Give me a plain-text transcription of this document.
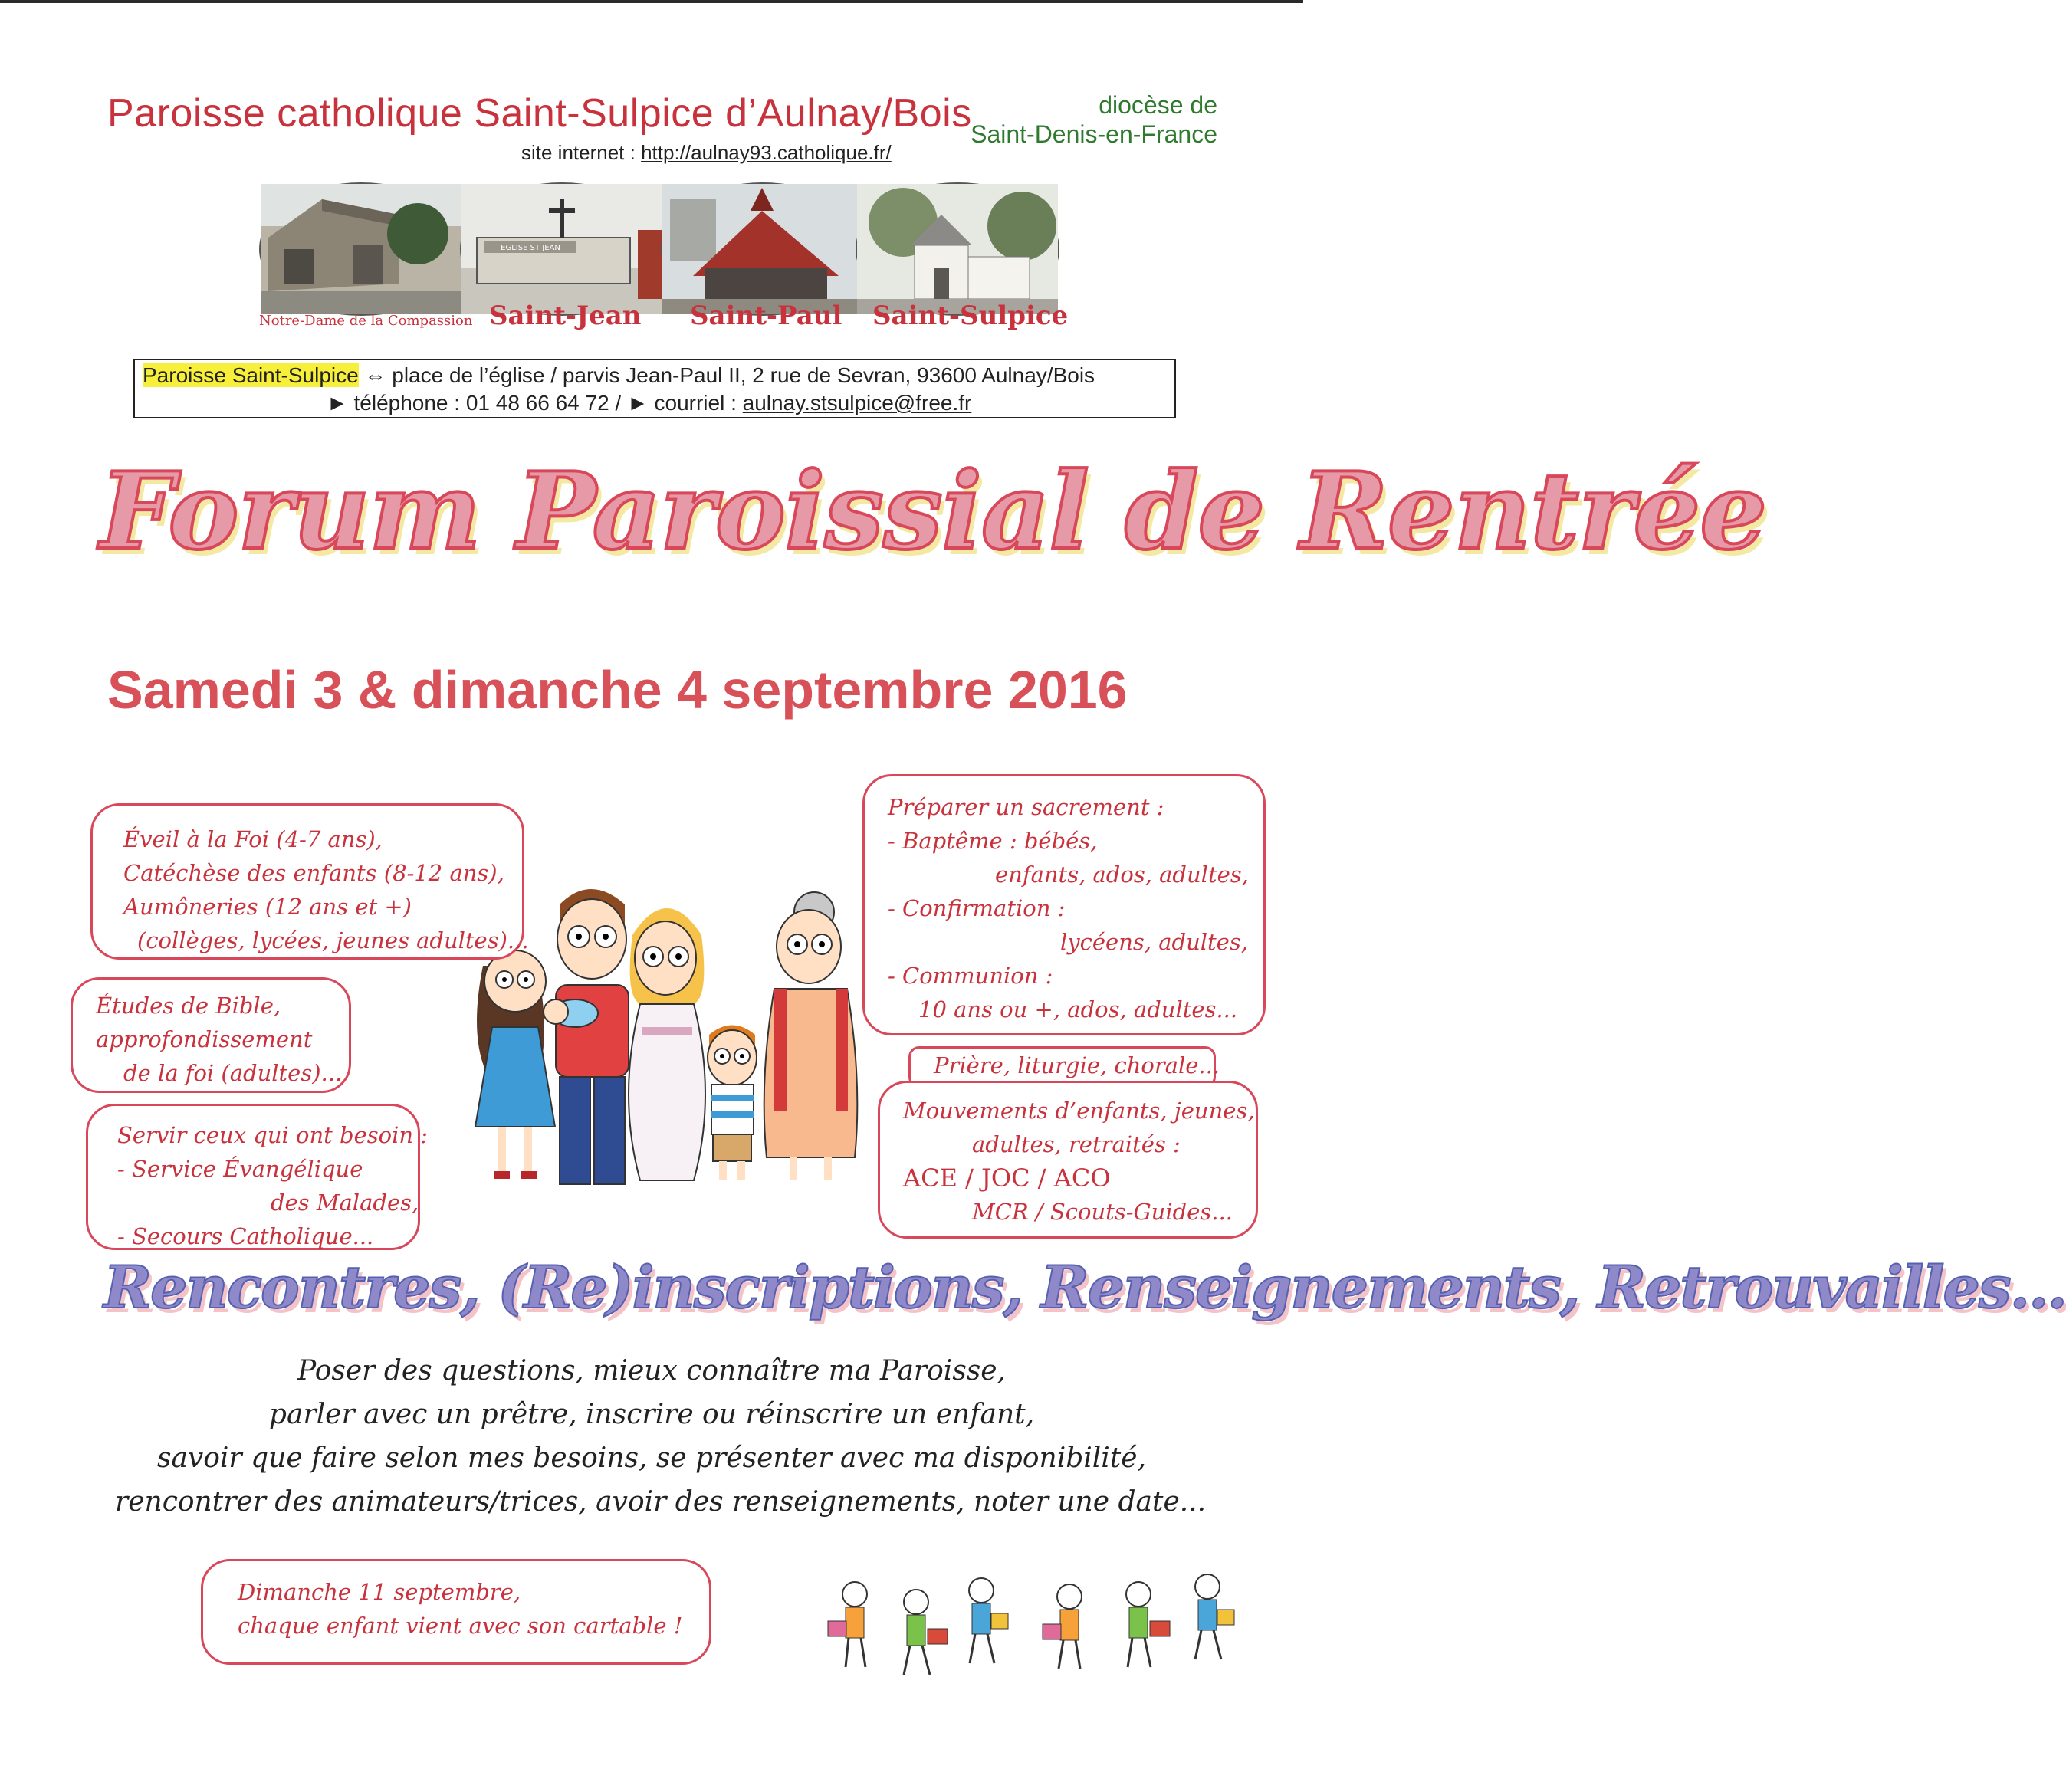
Paroisse catholique Saint-Sulpice d’Aulnay/Bois
site internet : http://aulnay93.catholique.fr/
diocèse de
Saint-Denis-en-France
EGLISE ST JEAN
Notre-Dame de la Compassion Saint-Jean Saint-Paul Saint-Sulpice
Paroisse Saint-Sulpice ⇔ place de l’église / parvis Jean-Paul II, 2 rue de Sevran, 93600 Aulnay/Bois
► téléphone : 01 48 66 64 72 / ► courriel : aulnay.stsulpice@free.fr
Forum Paroissial de Rentrée
Samedi 3 & dimanche 4 septembre 2016
Éveil à la Foi (4-7 ans),
Catéchèse des enfants (8-12 ans),
Aumôneries (12 ans et +)
(collèges, lycées, jeunes adultes)...
Études de Bible,
approfondissement
de la foi (adultes)...
Servir ceux qui ont besoin :
- Service Évangélique
des Malades,
- Secours Catholique...
Préparer un sacrement :
- Baptême : bébés,
enfants, ados, adultes,
- Confirmation :
lycéens, adultes,
- Communion :
10 ans ou +, ados, adultes...
Prière, liturgie, chorale...
Mouvements d’enfants, jeunes,
adultes, retraités :
ACE / JOC / ACO
MCR / Scouts-Guides...
Rencontres, (Re)inscriptions, Renseignements, Retrouvailles...
Poser des questions, mieux connaître ma Paroisse,
parler avec un prêtre, inscrire ou réinscrire un enfant,
savoir que faire selon mes besoins, se présenter avec ma disponibilité,
rencontrer des animateurs/trices, avoir des renseignements, noter une date...
Dimanche 11 septembre,
chaque enfant vient avec son cartable !
